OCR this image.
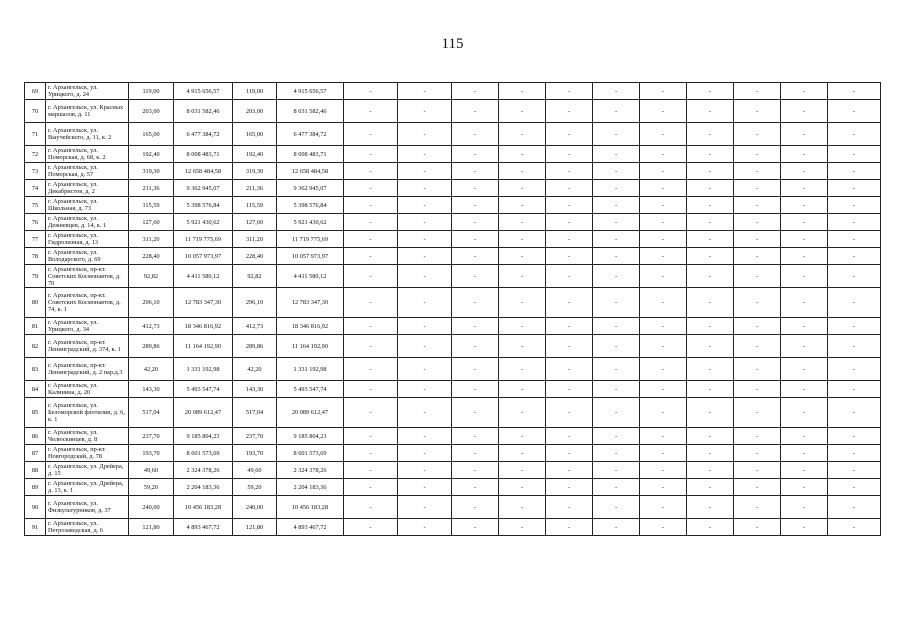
115
69	г. Архангельск, ул. Урицкого, д. 24	119,00	4 915 656,57	119,00	4 915 656,57	-	-	-	-	-	-	-	-	-	-	-
70	г. Архангельск, ул. Красных маршалов, д. 11	203,00	8 031 582,46	203,00	8 031 582,46	-	-	-	-	-	-	-	-	-	-	-
71	г. Архангельск, ул. Выучейского, д. 11, к. 2	165,00	6 477 384,72	165,00	6 477 384,72	-	-	-	-	-	-	-	-	-	-	-
72	г. Архангельск, ул. Поморская, д. 68, к. 2	192,40	8 008 483,71	192,40	8 008 483,71	-	-	-	-	-	-	-	-	-	-	-
73	г. Архангельск, ул. Поморская, д. 57	319,30	12 658 484,58	319,30	12 658 484,58	-	-	-	-	-	-	-	-	-	-	-
74	г. Архангельск, ул. Декабристов, д. 2	211,36	9 362 945,07	211,36	9 362 945,07	-	-	-	-	-	-	-	-	-	-	-
75	г. Архангельск, ул. Школьная, д. 73	115,59	5 398 576,84	115,59	5 398 576,84	-	-	-	-	-	-	-	-	-	-	-
76	г. Архангельск, ул. Дежневцев, д. 14, к. 1	127,60	5 921 430,62	127,60	5 921 430,62	-	-	-	-	-	-	-	-	-	-	-
77	г. Архангельск, ул. Гидролизная, д. 13	311,20	11 719 775,69	311,20	11 719 775,69	-	-	-	-	-	-	-	-	-	-	-
78	г. Архангельск, ул. Володарского, д. 69	228,40	10 057 973,97	228,40	10 057 973,97	-	-	-	-	-	-	-	-	-	-	-
79	г. Архангельск, пр-кт. Советских Космонавтов, д. 70	92,82	4 411 580,12	92,82	4 411 580,12	-	-	-	-	-	-	-	-	-	-	-
80	г. Архангельск, пр-кт. Советских Космонавтов, д. 74, к. 1	296,10	12 783 347,30	296,10	12 783 347,30	-	-	-	-	-	-	-	-	-	-	-
81	г. Архангельск, ул. Урицкого, д. 34	412,73	18 346 816,92	412,73	18 346 816,92	-	-	-	-	-	-	-	-	-	-	-
82	г. Архангельск, пр-кт. Ленинградский, д. 374, к. 1	289,86	11 164 192,90	289,86	11 164 192,90	-	-	-	-	-	-	-	-	-	-	-
83	г. Архангельск, пр-кт. Ленинградский, д. 2 пар.д.3	42,20	1 331 192,98	42,20	1 331 192,98	-	-	-	-	-	-	-	-	-	-	-
84	г. Архангельск, ул. Калинина, д. 20	143,30	5 493 547,74	143,30	5 493 547,74	-	-	-	-	-	-	-	-	-	-	-
85	г. Архангельск, ул. Беломорской флотилии, д. 6, к. 1	517,04	20 089 612,47	517,04	20 089 612,47	-	-	-	-	-	-	-	-	-	-	-
86	г. Архангельск, ул. Челюскинцев, д. 8	237,70	9 185 804,23	237,70	9 185 804,23	-	-	-	-	-	-	-	-	-	-	-
87	г. Архангельск, пр-кт. Новгородский, д. 78	193,70	8 601 573,69	193,70	8 601 573,69	-	-	-	-	-	-	-	-	-	-	-
88	г. Архангельск, ул. Дрейера, д. 15	49,60	2 324 378,26	49,60	2 324 378,26	-	-	-	-	-	-	-	-	-	-	-
89	г. Архангельск, ул. Дрейера, д. 13, к. 1	59,20	2 204 183,36	59,20	2 204 183,36	-	-	-	-	-	-	-	-	-	-	-
90	г. Архангельск, ул. Физкультурников, д. 37	240,00	10 456 183,28	240,00	10 456 183,28	-	-	-	-	-	-	-	-	-	-	-
91	г. Архангельск, ул. Петрозаводская, д. 6	121,80	4 893 467,72	121,80	4 893 467,72	-	-	-	-	-	-	-	-	-	-	-
